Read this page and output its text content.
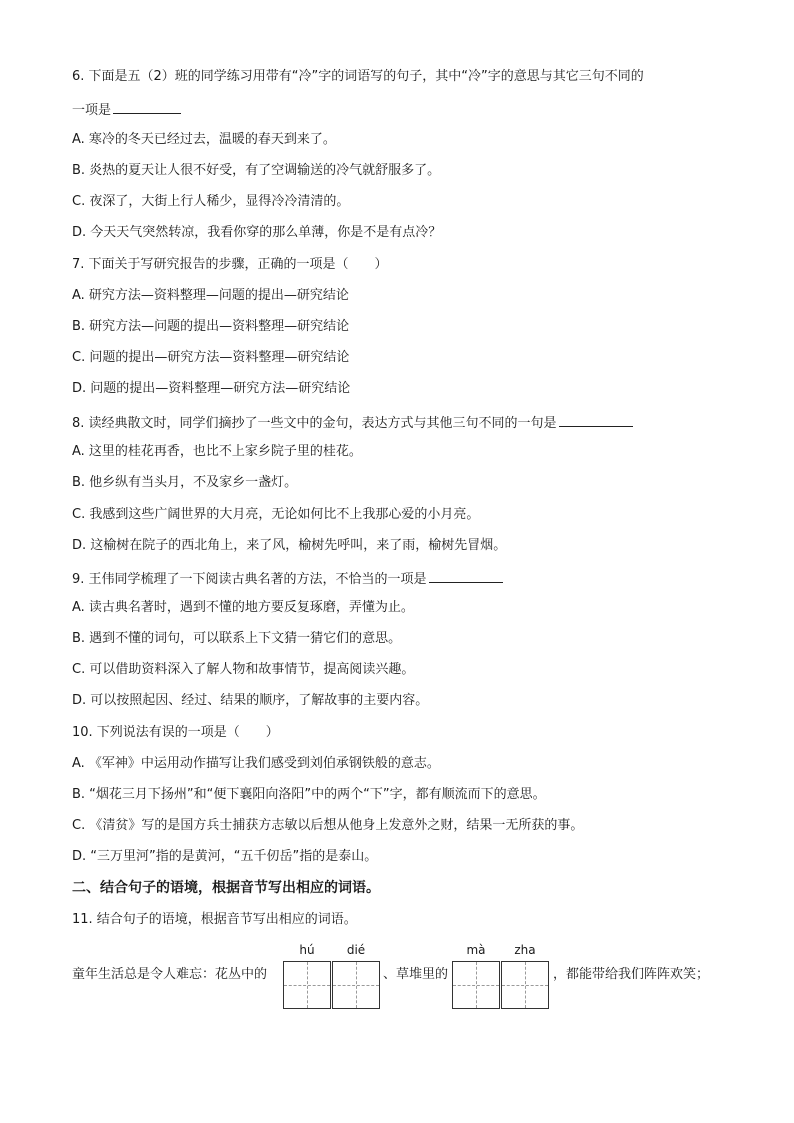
6. 下面是五（2）班的同学练习用带有“冷”字的词语写的句子，其中“冷”字的意思与其它三句不同的
一项是
A. 寒冷的冬天已经过去，温暖的春天到来了。
B. 炎热的夏天让人很不好受，有了空调输送的冷气就舒服多了。
C. 夜深了，大街上行人稀少，显得冷冷清清的。
D. 今天天气突然转凉，我看你穿的那么单薄，你是不是有点冷？
7. 下面关于写研究报告的步骤，正确的一项是（　　）
A. 研究方法—资料整理—问题的提出—研究结论
B. 研究方法—问题的提出—资料整理—研究结论
C. 问题的提出—研究方法—资料整理—研究结论
D. 问题的提出—资料整理—研究方法—研究结论
8. 读经典散文时，同学们摘抄了一些文中的金句，表达方式与其他三句不同的一句是
A. 这里的桂花再香，也比不上家乡院子里的桂花。
B. 他乡纵有当头月，不及家乡一盏灯。
C. 我感到这些广阔世界的大月亮，无论如何比不上我那心爱的小月亮。
D. 这榆树在院子的西北角上，来了风，榆树先呼叫，来了雨，榆树先冒烟。
9. 王伟同学梳理了一下阅读古典名著的方法，不恰当的一项是
A. 读古典名著时，遇到不懂的地方要反复琢磨，弄懂为止。
B. 遇到不懂的词句，可以联系上下文猜一猜它们的意思。
C. 可以借助资料深入了解人物和故事情节，提高阅读兴趣。
D. 可以按照起因、经过、结果的顺序，了解故事的主要内容。
10. 下列说法有误的一项是（　　）
A. 《军神》中运用动作描写让我们感受到刘伯承钢铁般的意志。
B. “烟花三月下扬州”和“便下襄阳向洛阳”中的两个“下”字，都有顺流而下的意思。
C. 《清贫》写的是国方兵士捕获方志敏以后想从他身上发意外之财，结果一无所获的事。
D. “三万里河”指的是黄河，“五千仞岳”指的是泰山。
二、结合句子的语境，根据音节写出相应的词语。
11. 结合句子的语境，根据音节写出相应的词语。
hú	dié	mà	zha
童年生活总是令人难忘：花丛中的	、草堆里的	，都能带给我们阵阵欢笑；
